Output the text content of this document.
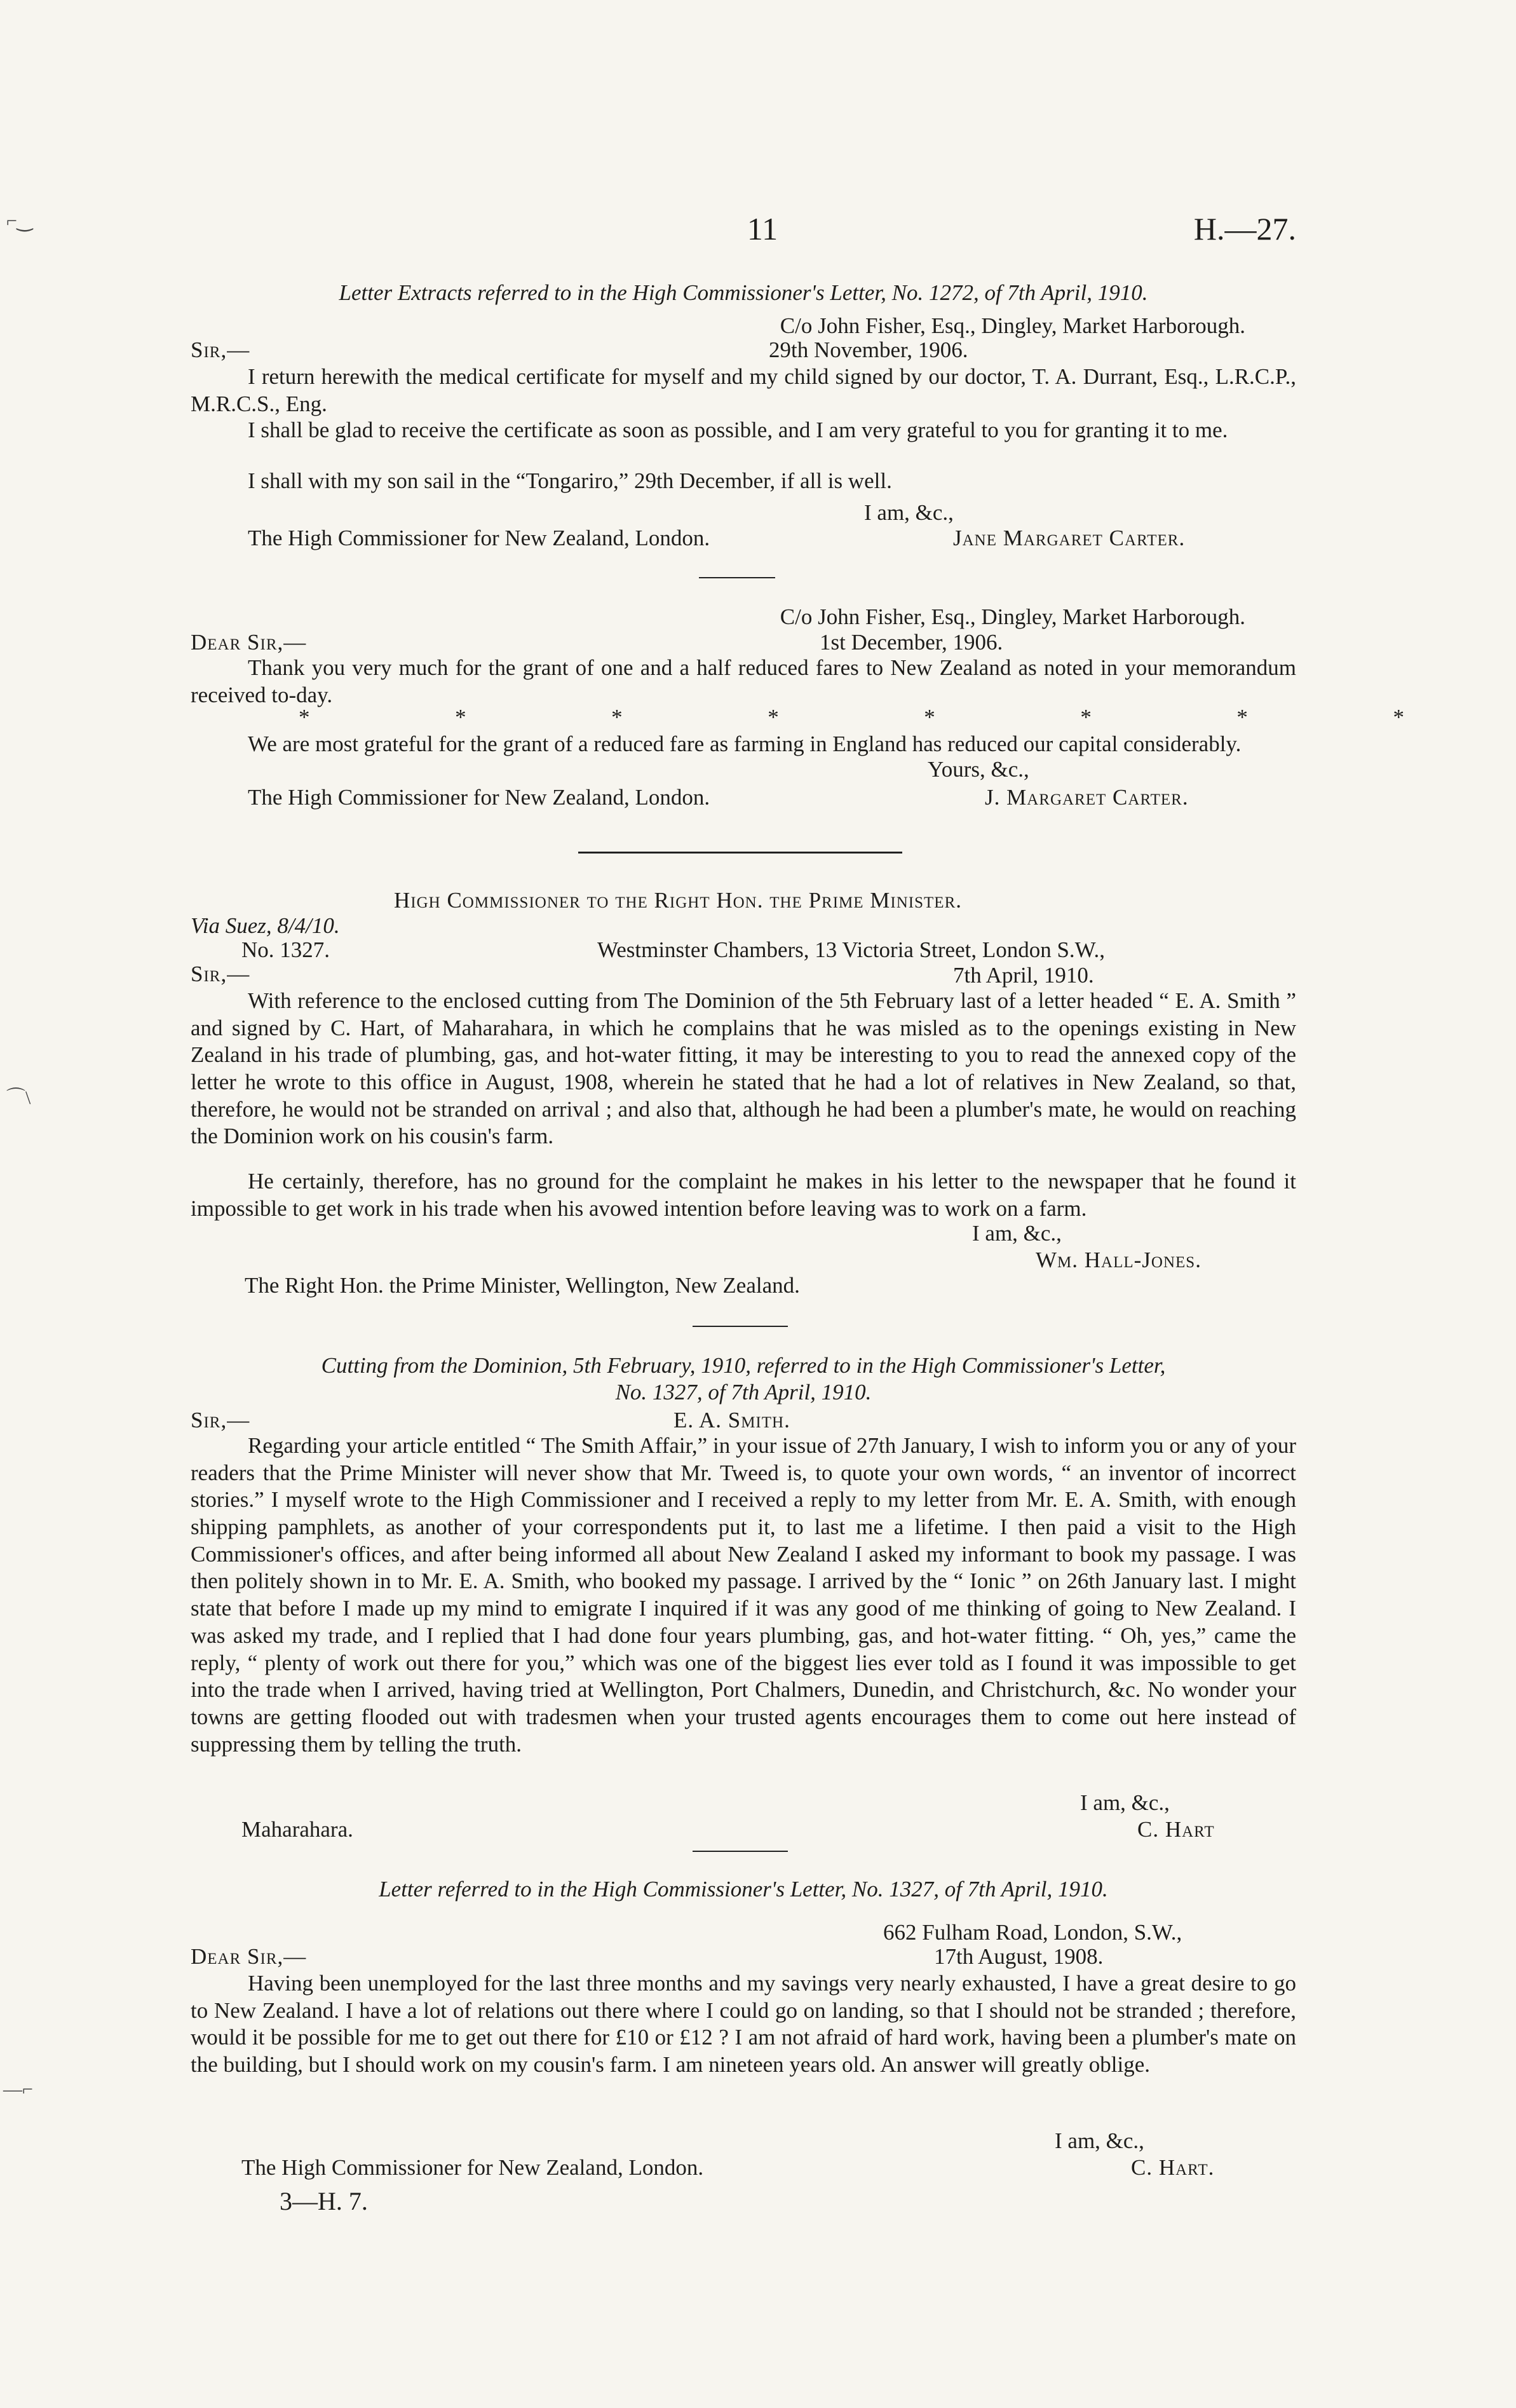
⌐‿
⌒\
—⌐
11	H.—27.
Letter Extracts referred to in the High Commissioner's Letter, No. 1272, of 7th April, 1910.
C/o John Fisher, Esq., Dingley, Market Harborough.
Sir,—	29th November, 1906.
I return herewith the medical certificate for myself and my child signed by our doctor, T. A. Durrant, Esq., L.R.C.P., M.R.C.S., Eng.
I shall be glad to receive the certificate as soon as possible, and I am very grateful to you for granting it to me.
I shall with my son sail in the “Tongariro,” 29th December, if all is well.
I am, &c.,
The High Commissioner for New Zealand, London.	Jane Margaret Carter.
C/o John Fisher, Esq., Dingley, Market Harborough.
Dear Sir,—	1st December, 1906.
Thank you very much for the grant of one and a half reduced fares to New Zealand as noted in your memorandum received to-day.
*	*	*	*	*	*	*	*
We are most grateful for the grant of a reduced fare as farming in England has reduced our capital considerably.
Yours, &c.,
The High Commissioner for New Zealand, London.	J. Margaret Carter.
High Commissioner to the Right Hon. the Prime Minister.
Via Suez, 8/4/10.
No. 1327.	Westminster Chambers, 13 Victoria Street, London S.W.,
Sir,—	7th April, 1910.
With reference to the enclosed cutting from The Dominion of the 5th February last of a letter headed “ E. A. Smith ” and signed by C. Hart, of Maharahara, in which he complains that he was misled as to the openings existing in New Zealand in his trade of plumbing, gas, and hot-water fitting, it may be interesting to you to read the annexed copy of the letter he wrote to this office in August, 1908, wherein he stated that he had a lot of relatives in New Zealand, so that, therefore, he would not be stranded on arrival ; and also that, although he had been a plumber's mate, he would on reaching the Dominion work on his cousin's farm.
He certainly, therefore, has no ground for the complaint he makes in his letter to the newspaper that he found it impossible to get work in his trade when his avowed intention before leaving was to work on a farm.
I am, &c.,
Wm. Hall-Jones.
The Right Hon. the Prime Minister, Wellington, New Zealand.
Cutting from the Dominion, 5th February, 1910, referred to in the High Commissioner's Letter,
No. 1327, of 7th April, 1910.
Sir,—	E. A. Smith.
Regarding your article entitled “ The Smith Affair,” in your issue of 27th January, I wish to inform you or any of your readers that the Prime Minister will never show that Mr. Tweed is, to quote your own words, “ an inventor of incorrect stories.” I myself wrote to the High Commissioner and I received a reply to my letter from Mr. E. A. Smith, with enough shipping pamphlets, as another of your correspondents put it, to last me a lifetime. I then paid a visit to the High Commissioner's offices, and after being informed all about New Zealand I asked my informant to book my passage. I was then politely shown in to Mr. E. A. Smith, who booked my passage. I arrived by the “ Ionic ” on 26th January last. I might state that before I made up my mind to emigrate I inquired if it was any good of me thinking of going to New Zealand. I was asked my trade, and I replied that I had done four years plumbing, gas, and hot-water fitting. “ Oh, yes,” came the reply, “ plenty of work out there for you,” which was one of the biggest lies ever told as I found it was impossible to get into the trade when I arrived, having tried at Wellington, Port Chalmers, Dunedin, and Christchurch, &c. No wonder your towns are getting flooded out with tradesmen when your trusted agents encourages them to come out here instead of suppressing them by telling the truth.
I am, &c.,
Maharahara.	C. Hart
Letter referred to in the High Commissioner's Letter, No. 1327, of 7th April, 1910.
662 Fulham Road, London, S.W.,
Dear Sir,—	17th August, 1908.
Having been unemployed for the last three months and my savings very nearly exhausted, I have a great desire to go to New Zealand. I have a lot of relations out there where I could go on landing, so that I should not be stranded ; therefore, would it be possible for me to get out there for £10 or £12 ? I am not afraid of hard work, having been a plumber's mate on the building, but I should work on my cousin's farm. I am nineteen years old. An answer will greatly oblige.
I am, &c.,
The High Commissioner for New Zealand, London.	C. Hart.
3—H. 7.
